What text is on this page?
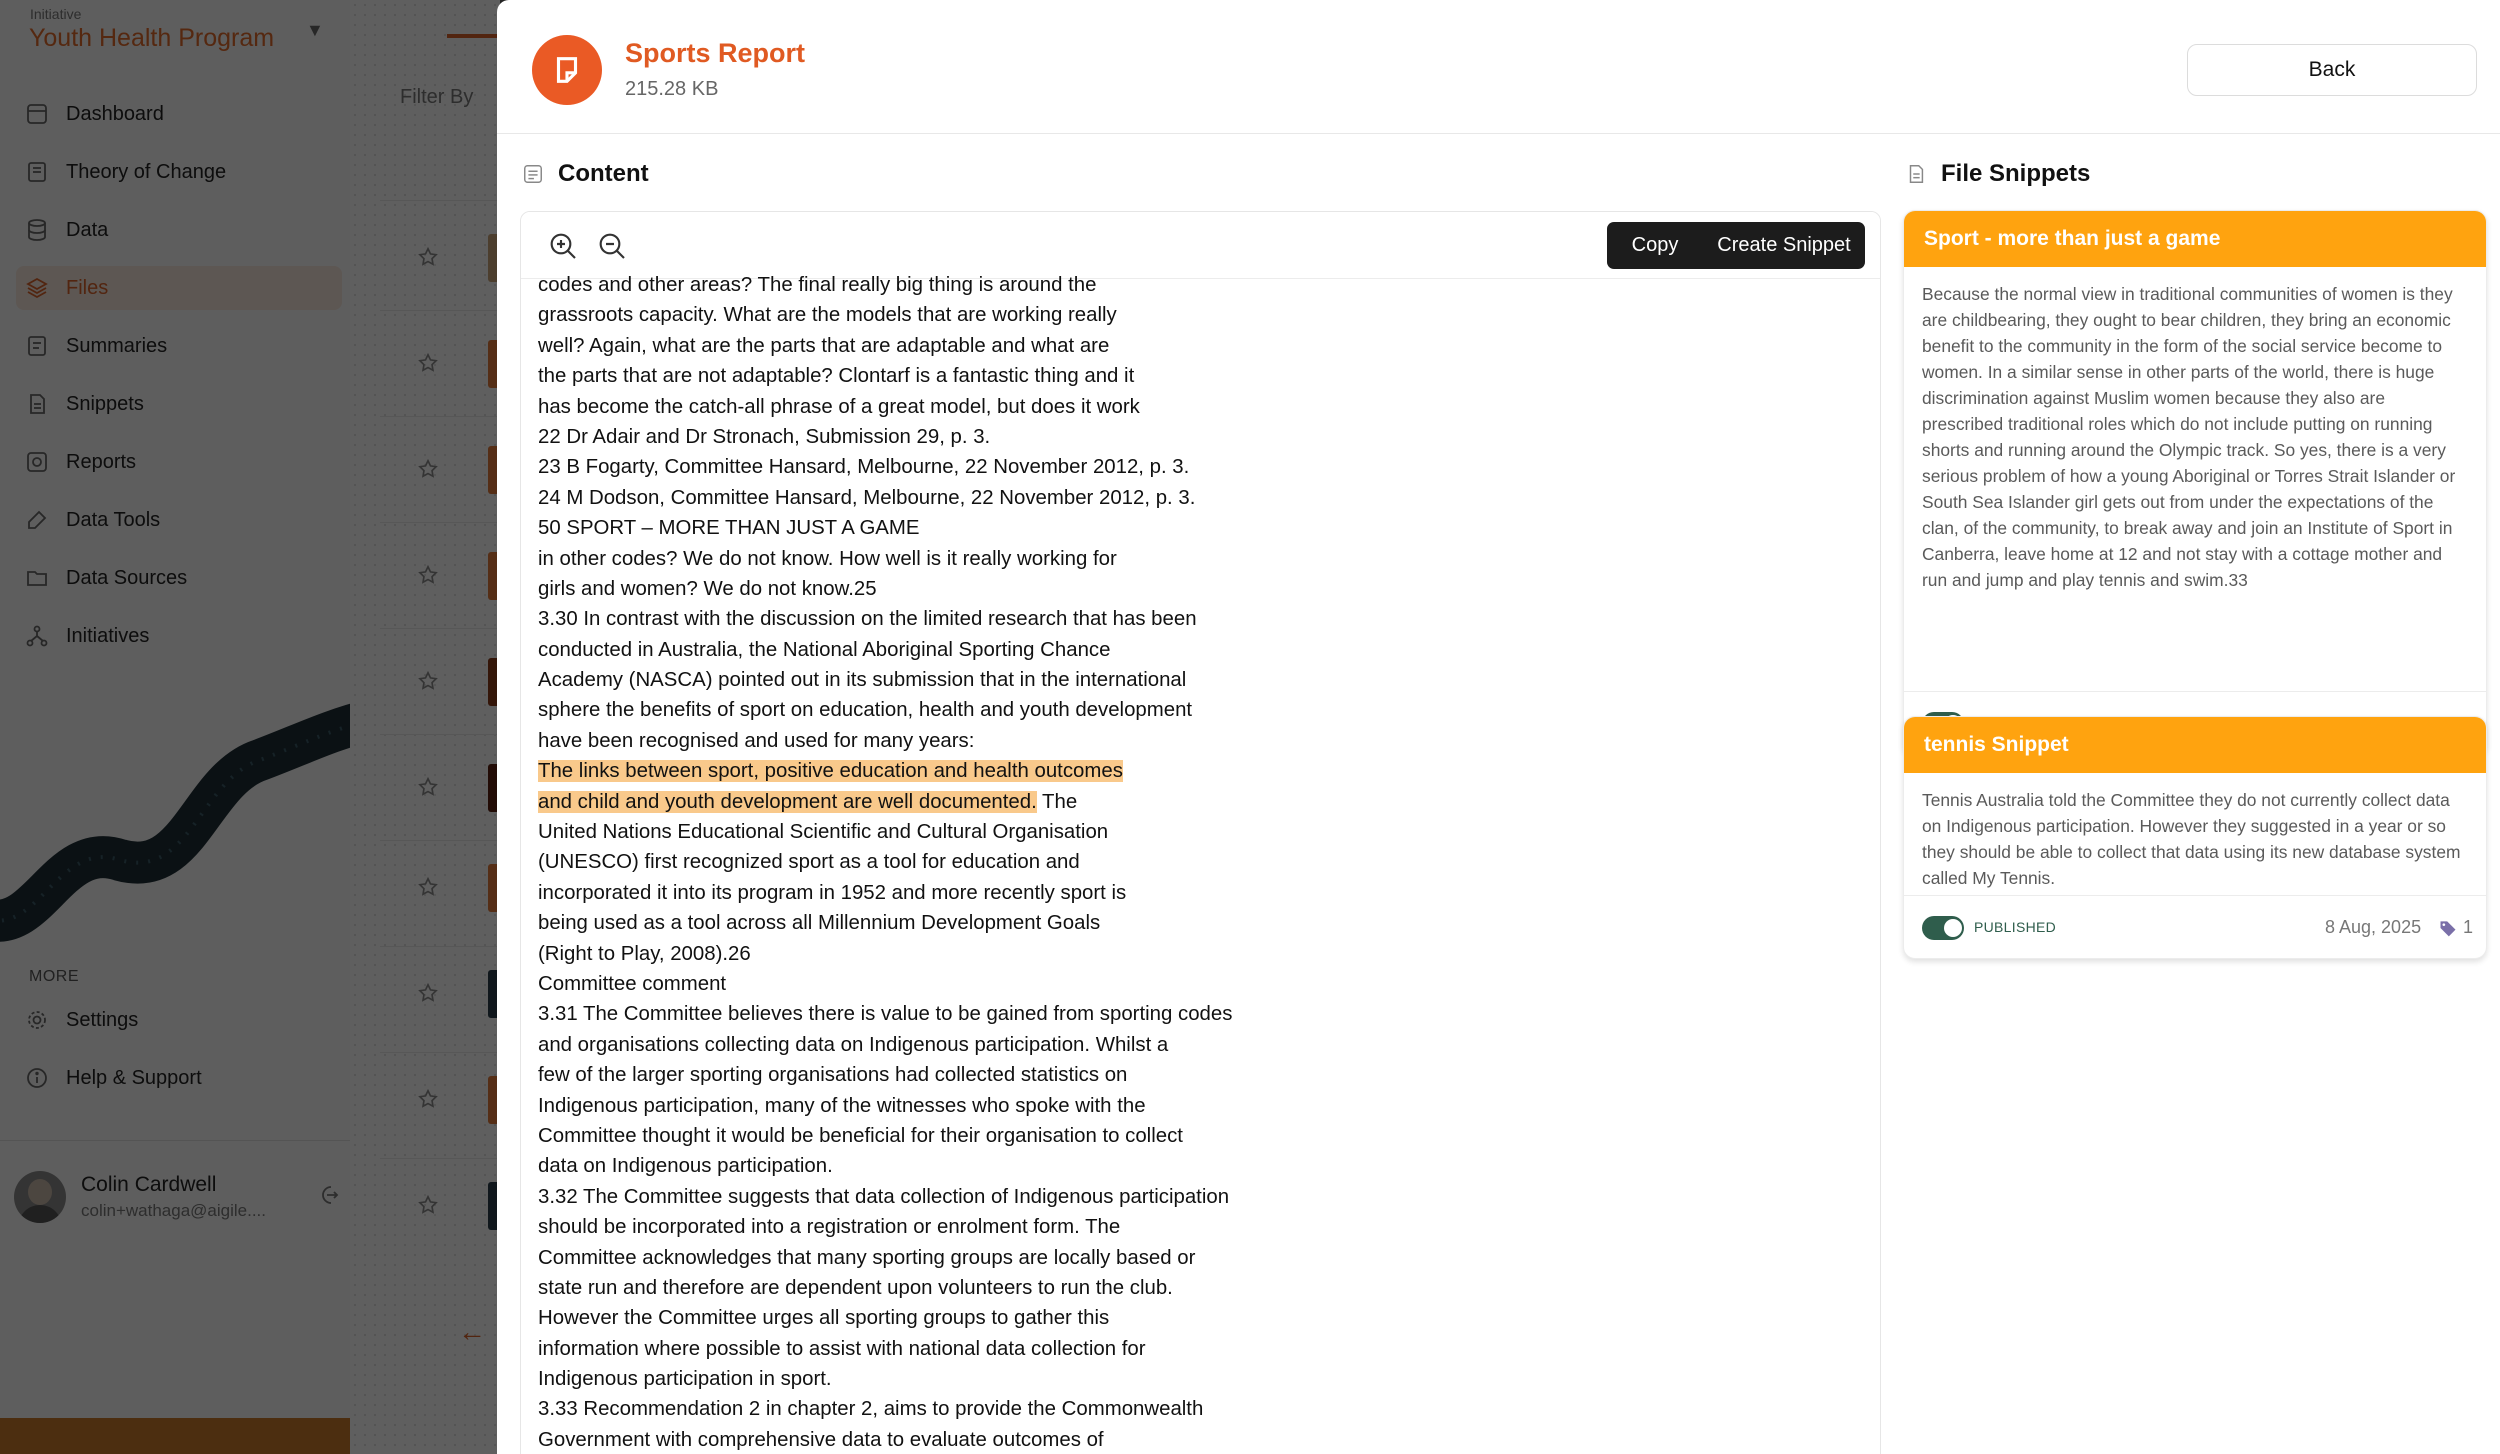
Sports Report
215.28 KB
Back
Content	File Snippets
Copy	Create Snippet
codes and other areas? The final really big thing is around the
grassroots capacity. What are the models that are working really
well? Again, what are the parts that are adaptable and what are
the parts that are not adaptable? Clontarf is a fantastic thing and it
has become the catch-all phrase of a great model, but does it work
22 Dr Adair and Dr Stronach, Submission 29, p. 3.
23 B Fogarty, Committee Hansard, Melbourne, 22 November 2012, p. 3.
24 M Dodson, Committee Hansard, Melbourne, 22 November 2012, p. 3.
50 SPORT – MORE THAN JUST A GAME
in other codes? We do not know. How well is it really working for
girls and women? We do not know.25
3.30 In contrast with the discussion on the limited research that has been
conducted in Australia, the National Aboriginal Sporting Chance
Academy (NASCA) pointed out in its submission that in the international
sphere the benefits of sport on education, health and youth development
have been recognised and used for many years:
The links between sport, positive education and health outcomes
and child and youth development are well documented. The
United Nations Educational Scientific and Cultural Organisation
(UNESCO) first recognized sport as a tool for education and
incorporated it into its program in 1952 and more recently sport is
being used as a tool across all Millennium Development Goals
(Right to Play, 2008).26
Committee comment
3.31 The Committee believes there is value to be gained from sporting codes
and organisations collecting data on Indigenous participation. Whilst a
few of the larger sporting organisations had collected statistics on
Indigenous participation, many of the witnesses who spoke with the
Committee thought it would be beneficial for their organisation to collect
data on Indigenous participation.
3.32 The Committee suggests that data collection of Indigenous participation
should be incorporated into a registration or enrolment form. The
Committee acknowledges that many sporting groups are locally based or
state run and therefore are dependent upon volunteers to run the club.
However the Committee urges all sporting groups to gather this
information where possible to assist with national data collection for
Indigenous participation in sport.
3.33 Recommendation 2 in chapter 2, aims to provide the Commonwealth
Government with comprehensive data to evaluate outcomes of
Sport - more than just a game
Because the normal view in traditional communities of women is they are childbearing, they ought to bear children, they bring an economic benefit to the community in the form of the social service become to women. In a similar sense in other parts of the world, there is huge discrimination against Muslim women because they also are prescribed traditional roles which do not include putting on running shorts and running around the Olympic track. So yes, there is a very serious problem of how a young Aboriginal or Torres Strait Islander or South Sea Islander girl gets out from under the expectations of the clan, of the community, to break away and join an Institute of Sport in Canberra, leave home at 12 and not stay with a cottage mother and run and jump and play tennis and swim.33
tennis Snippet
Tennis Australia told the Committee they do not currently collect data on Indigenous participation. However they suggested in a year or so they should be able to collect that data using its new database system called My Tennis.
PUBLISHED	8 Aug, 2025 1
